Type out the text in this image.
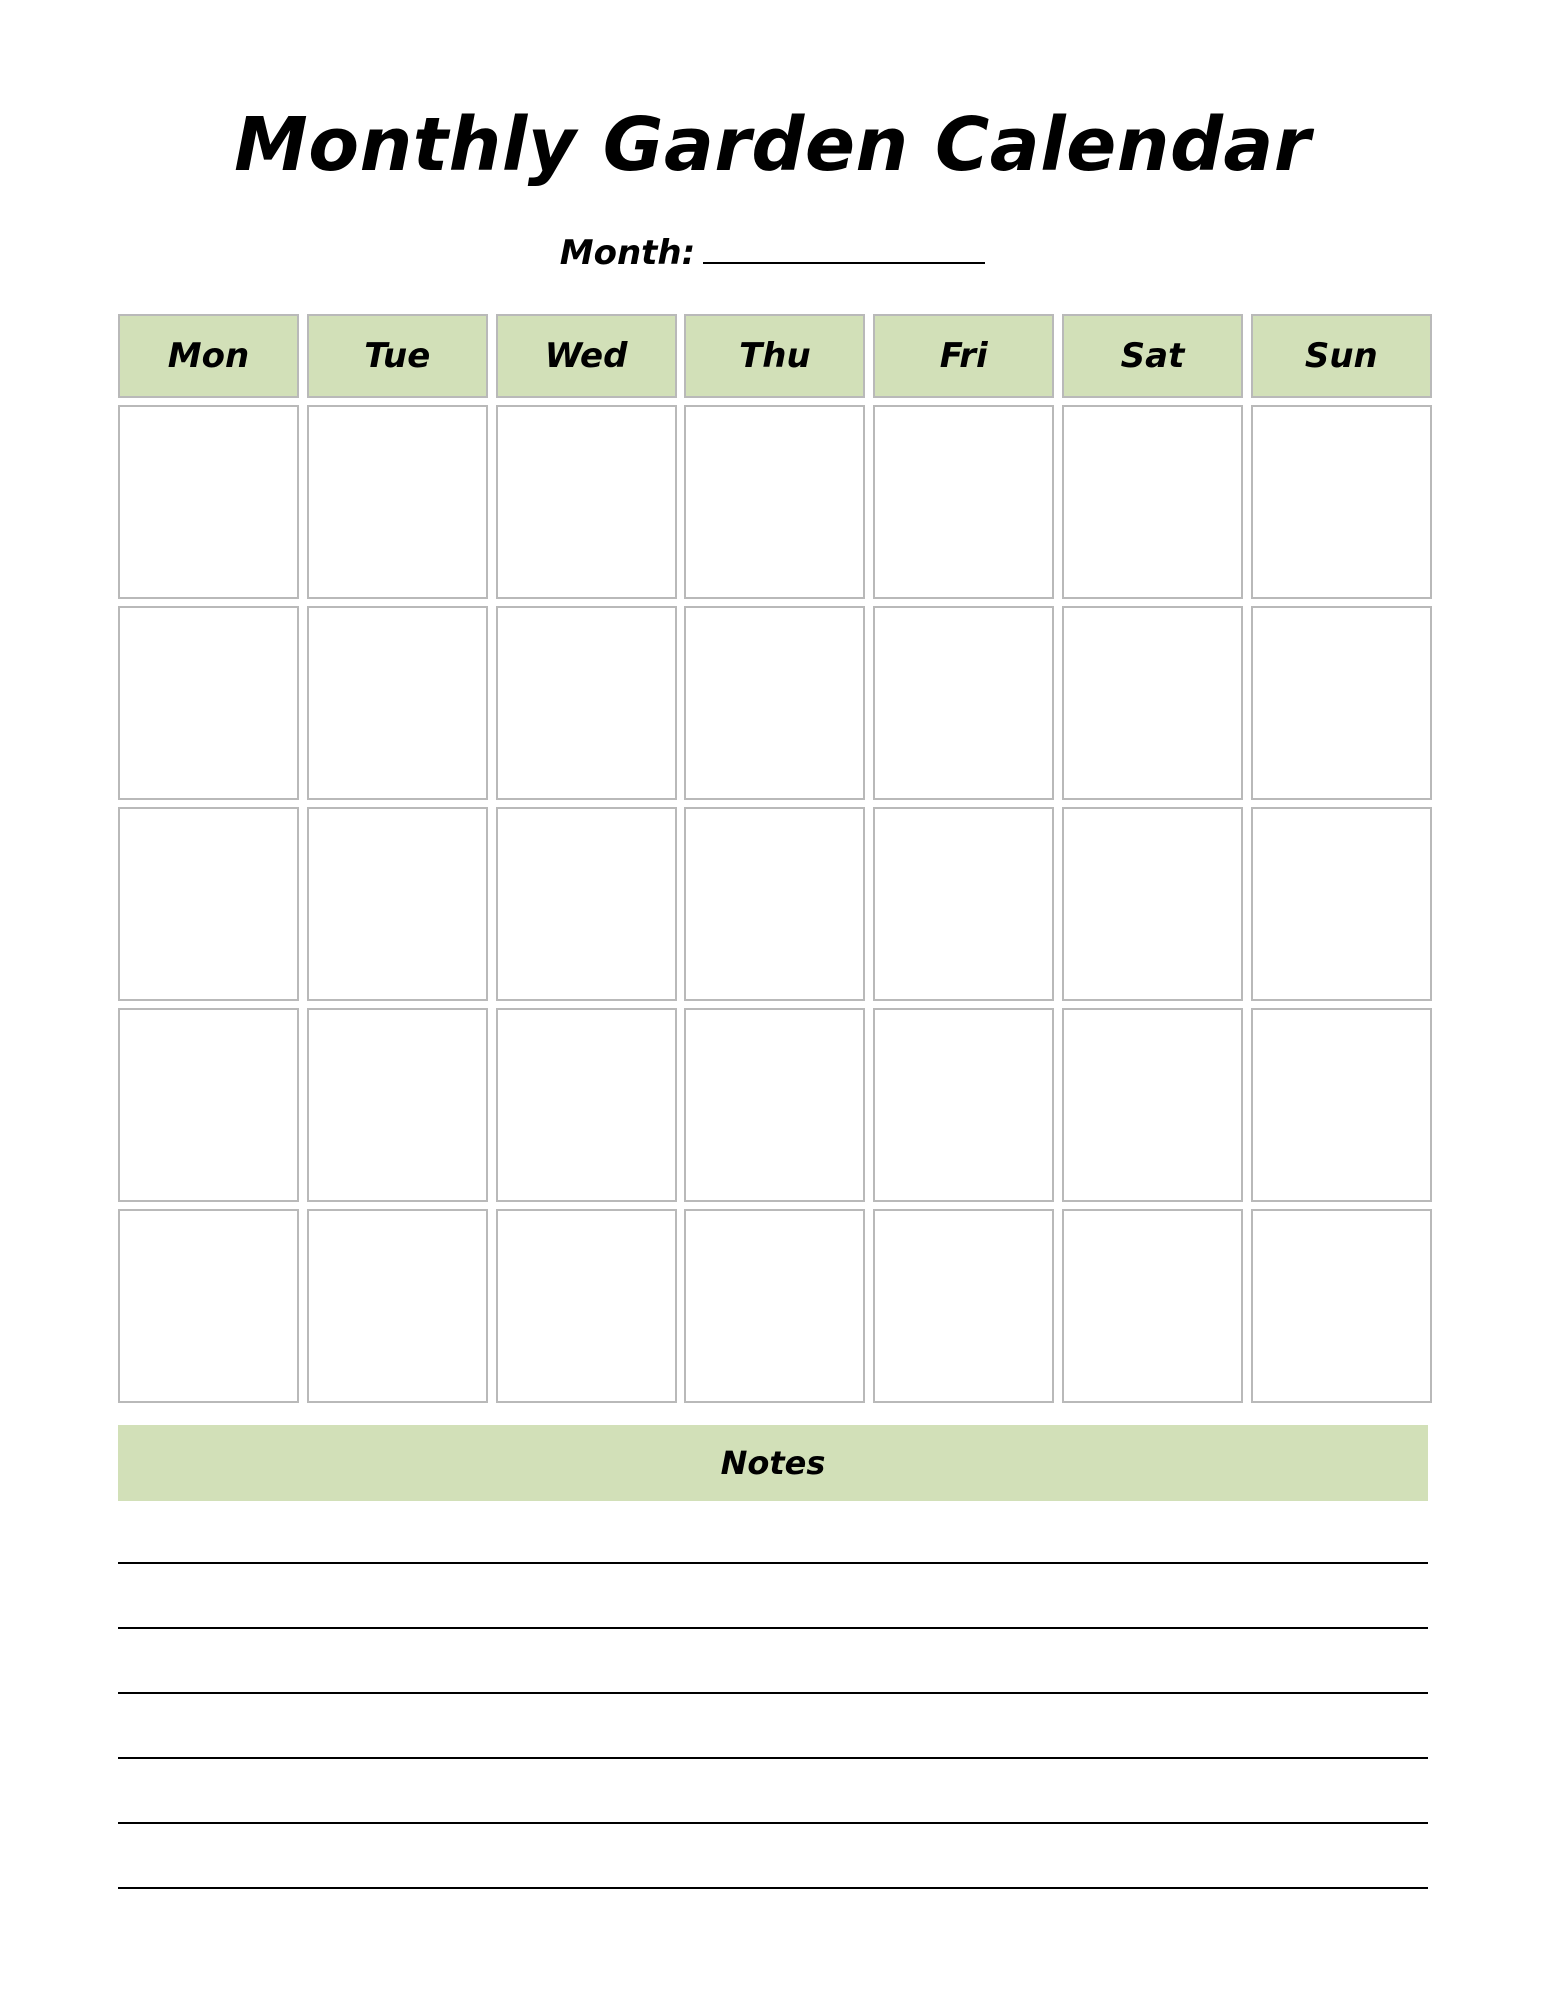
Monthly Garden Calendar
Month:
Mon	Tue	Wed	Thu	Fri	Sat	Sun
Notes
